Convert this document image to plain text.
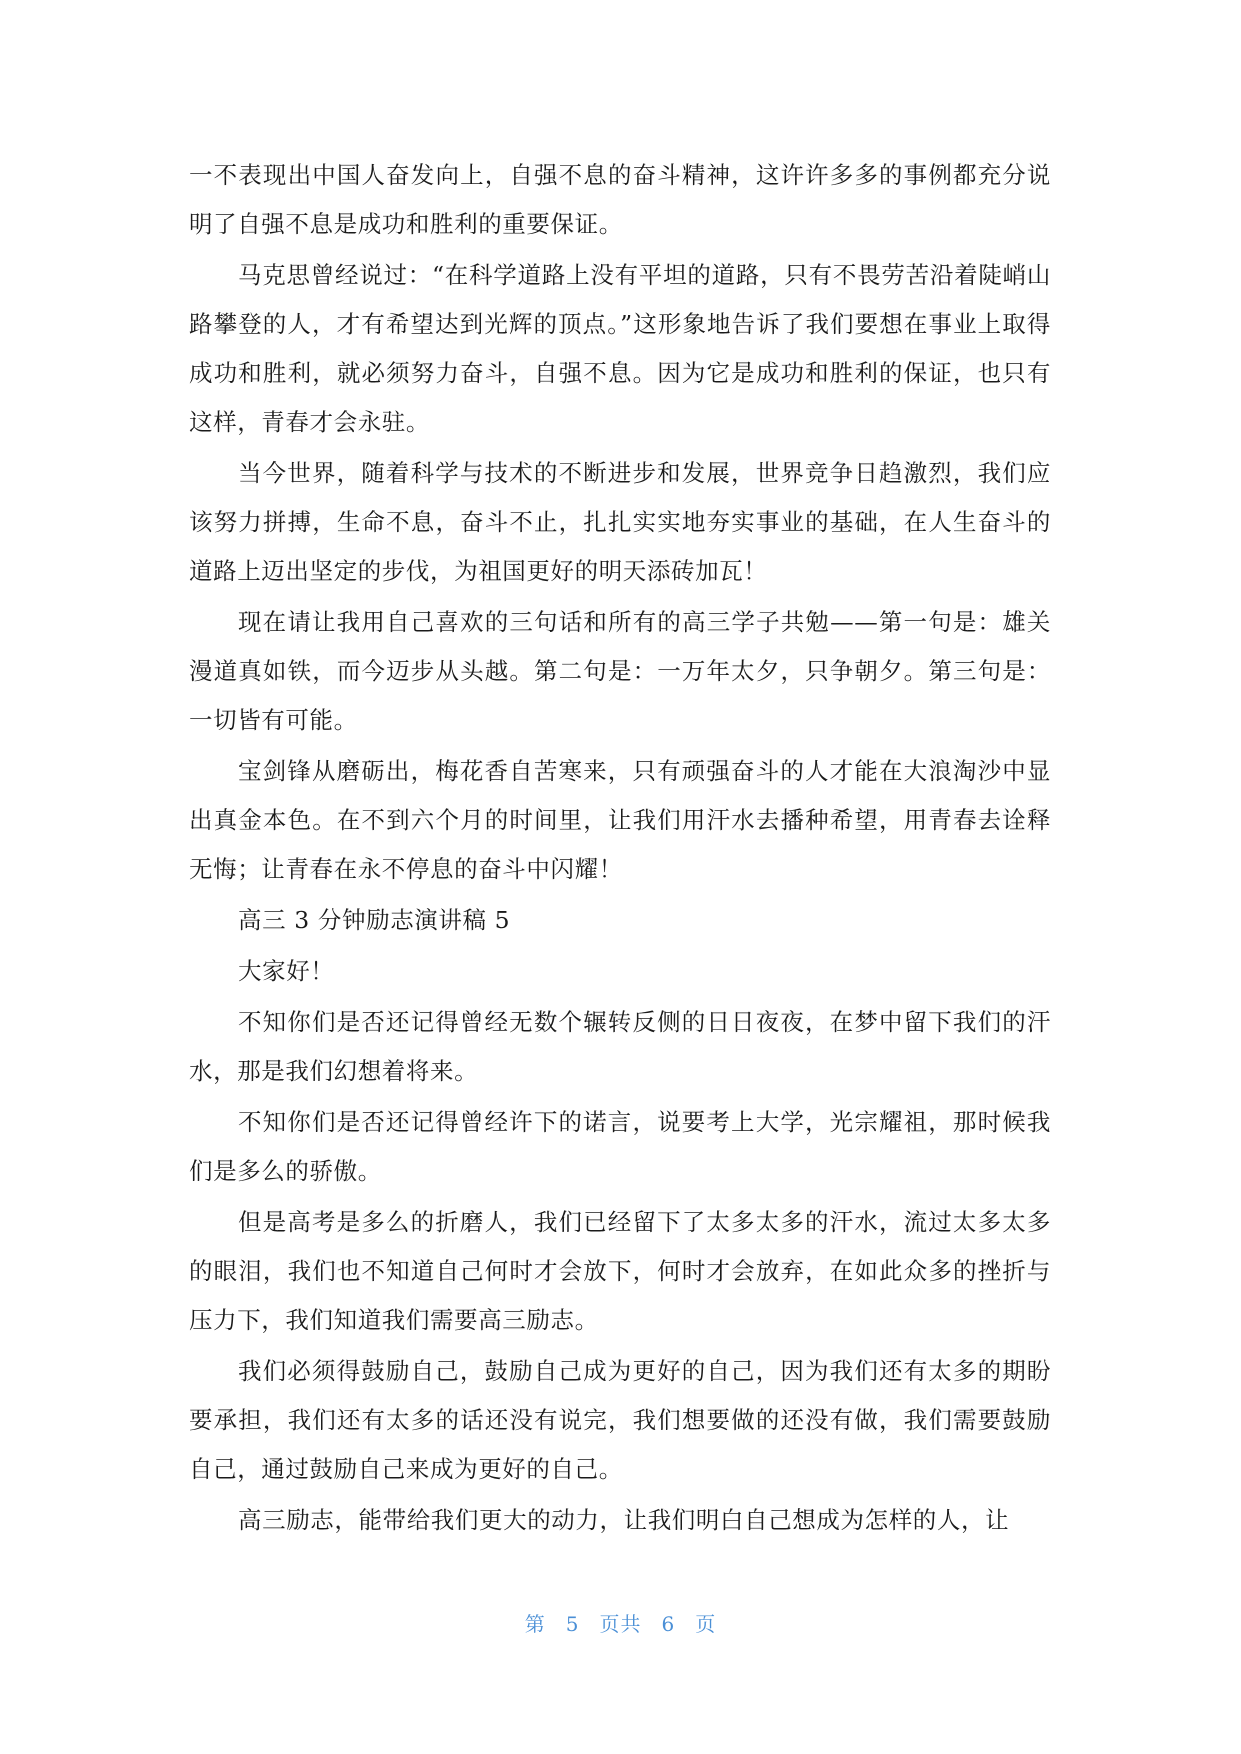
一不表现出中国人奋发向上，自强不息的奋斗精神，这许许多多的事例都充分说明了自强不息是成功和胜利的重要保证。

马克思曾经说过：“在科学道路上没有平坦的道路，只有不畏劳苦沿着陡峭山路攀登的人，才有希望达到光辉的顶点。”这形象地告诉了我们要想在事业上取得成功和胜利，就必须努力奋斗，自强不息。因为它是成功和胜利的保证，也只有这样，青春才会永驻。

当今世界，随着科学与技术的不断进步和发展，世界竞争日趋激烈，我们应该努力拼搏，生命不息，奋斗不止，扎扎实实地夯实事业的基础，在人生奋斗的道路上迈出坚定的步伐，为祖国更好的明天添砖加瓦！

现在请让我用自己喜欢的三句话和所有的高三学子共勉——第一句是：雄关漫道真如铁，而今迈步从头越。第二句是：一万年太夕，只争朝夕。第三句是：一切皆有可能。

宝剑锋从磨砺出，梅花香自苦寒来，只有顽强奋斗的人才能在大浪淘沙中显出真金本色。在不到六个月的时间里，让我们用汗水去播种希望，用青春去诠释无悔；让青春在永不停息的奋斗中闪耀！

高三 3 分钟励志演讲稿 5

大家好！

不知你们是否还记得曾经无数个辗转反侧的日日夜夜，在梦中留下我们的汗水，那是我们幻想着将来。

不知你们是否还记得曾经许下的诺言，说要考上大学，光宗耀祖，那时候我们是多么的骄傲。

但是高考是多么的折磨人，我们已经留下了太多太多的汗水，流过太多太多的眼泪，我们也不知道自己何时才会放下，何时才会放弃，在如此众多的挫折与压力下，我们知道我们需要高三励志。

我们必须得鼓励自己，鼓励自己成为更好的自己，因为我们还有太多的期盼要承担，我们还有太多的话还没有说完，我们想要做的还没有做，我们需要鼓励自己，通过鼓励自己来成为更好的自己。

高三励志，能带给我们更大的动力，让我们明白自己想成为怎样的人，让

第 5 页共 6 页
